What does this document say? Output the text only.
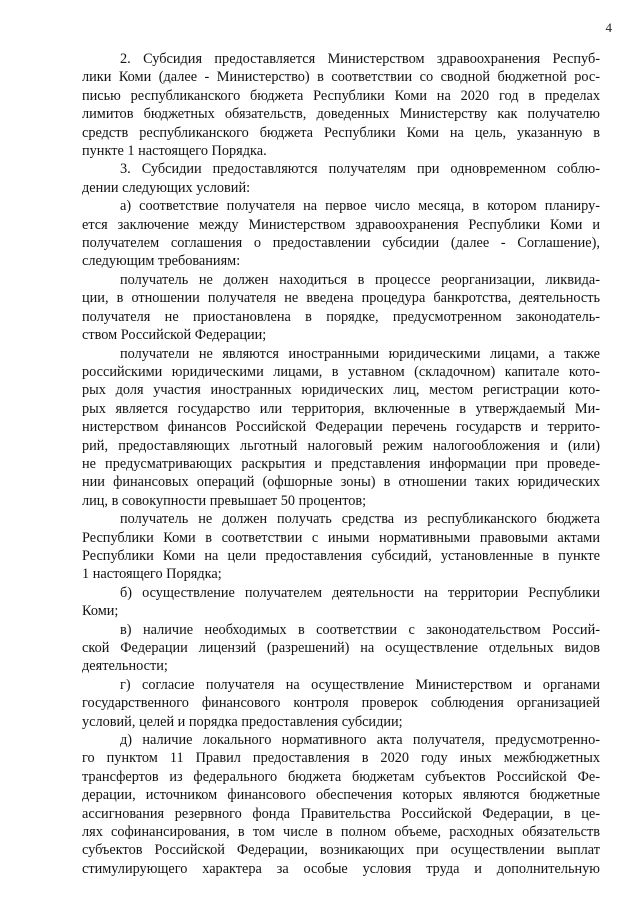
4
2. Субсидия предоставляется Министерством здравоохранения Респуб-
лики Коми (далее - Министерство) в соответствии со сводной бюджетной рос-
писью республиканского бюджета Республики Коми на 2020 год в пределах
лимитов бюджетных обязательств, доведенных Министерству как получателю
средств республиканского бюджета Республики Коми на цель, указанную в
пункте 1 настоящего Порядка.
3. Субсидии предоставляются получателям при одновременном соблю-
дении следующих условий:
а) соответствие получателя на первое число месяца, в котором планиру-
ется заключение между Министерством здравоохранения Республики Коми и
получателем соглашения о предоставлении субсидии (далее - Соглашение),
следующим требованиям:
получатель не должен находиться в процессе реорганизации, ликвида-
ции, в отношении получателя не введена процедура банкротства, деятельность
получателя не приостановлена в порядке, предусмотренном законодатель-
ством Российской Федерации;
получатели не являются иностранными юридическими лицами, а также
российскими юридическими лицами, в уставном (складочном) капитале кото-
рых доля участия иностранных юридических лиц, местом регистрации кото-
рых является государство или территория, включенные в утверждаемый Ми-
нистерством финансов Российской Федерации перечень государств и террито-
рий, предоставляющих льготный налоговый режим налогообложения и (или)
не предусматривающих раскрытия и представления информации при проведе-
нии финансовых операций (офшорные зоны) в отношении таких юридических
лиц, в совокупности превышает 50 процентов;
получатель не должен получать средства из республиканского бюджета
Республики Коми в соответствии с иными нормативными правовыми актами
Республики Коми на цели предоставления субсидий, установленные в пункте
1 настоящего Порядка;
б) осуществление получателем деятельности на территории Республики
Коми;
в) наличие необходимых в соответствии с законодательством Россий-
ской Федерации лицензий (разрешений) на осуществление отдельных видов
деятельности;
г) согласие получателя на осуществление Министерством и органами
государственного финансового контроля проверок соблюдения организацией
условий, целей и порядка предоставления субсидии;
д) наличие локального нормативного акта получателя, предусмотренно-
го пунктом 11 Правил предоставления в 2020 году иных межбюджетных
трансфертов из федерального бюджета бюджетам субъектов Российской Фе-
дерации, источником финансового обеспечения которых являются бюджетные
ассигнования резервного фонда Правительства Российской Федерации, в це-
лях софинансирования, в том числе в полном объеме, расходных обязательств
субъектов Российской Федерации, возникающих при осуществлении выплат
стимулирующего характера за особые условия труда и дополнительную
